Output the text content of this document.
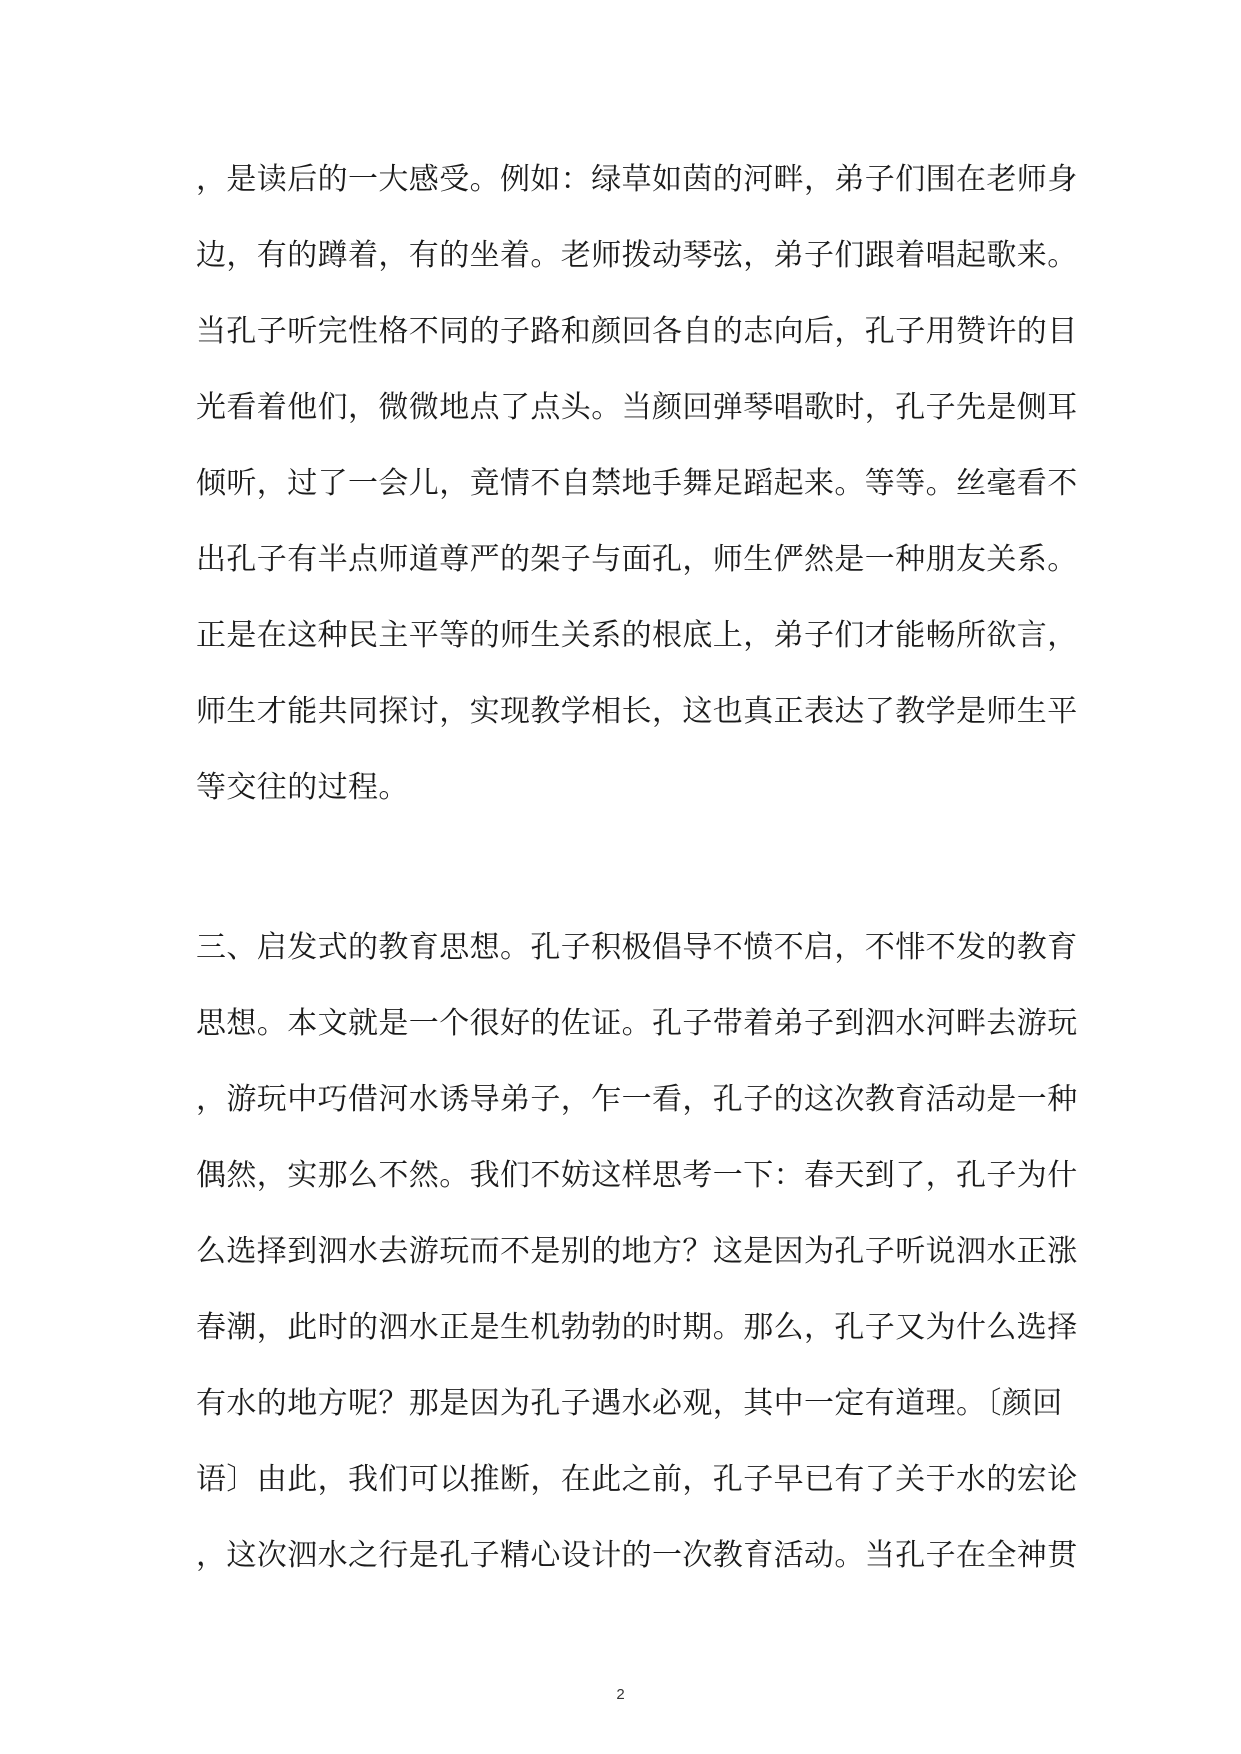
，是读后的一大感受。例如：绿草如茵的河畔，弟子们围在老师身
边，有的蹲着，有的坐着。老师拨动琴弦，弟子们跟着唱起歌来。
当孔子听完性格不同的子路和颜回各自的志向后，孔子用赞许的目
光看着他们，微微地点了点头。当颜回弹琴唱歌时，孔子先是侧耳
倾听，过了一会儿，竟情不自禁地手舞足蹈起来。等等。丝毫看不
出孔子有半点师道尊严的架子与面孔，师生俨然是一种朋友关系。
正是在这种民主平等的师生关系的根底上，弟子们才能畅所欲言，
师生才能共同探讨，实现教学相长，这也真正表达了教学是师生平
等交往的过程。
三、启发式的教育思想。孔子积极倡导不愤不启，不悱不发的教育
思想。本文就是一个很好的佐证。孔子带着弟子到泗水河畔去游玩
，游玩中巧借河水诱导弟子，乍一看，孔子的这次教育活动是一种
偶然，实那么不然。我们不妨这样思考一下：春天到了，孔子为什
么选择到泗水去游玩而不是别的地方？这是因为孔子听说泗水正涨
春潮，此时的泗水正是生机勃勃的时期。那么，孔子又为什么选择
有水的地方呢？那是因为孔子遇水必观，其中一定有道理。〔颜回
语〕由此，我们可以推断，在此之前，孔子早已有了关于水的宏论
，这次泗水之行是孔子精心设计的一次教育活动。当孔子在全神贯
2
